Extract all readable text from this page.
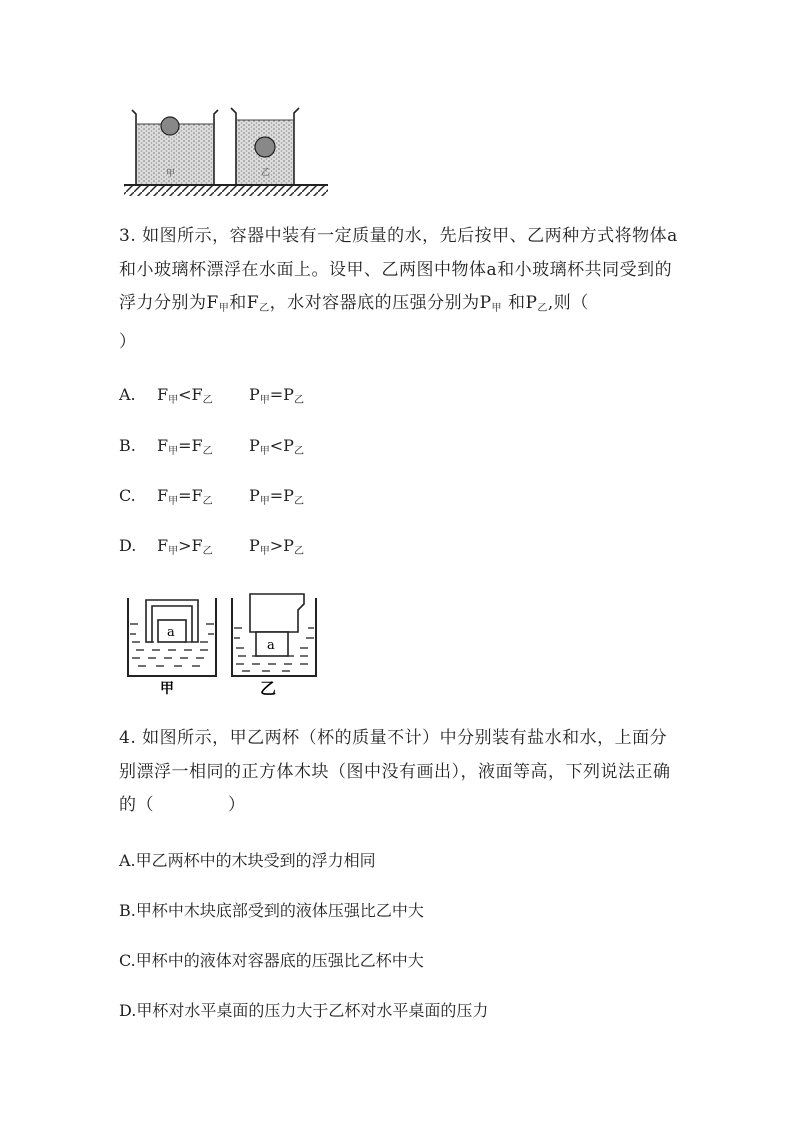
甲	乙
3. 如图所示，容器中装有一定质量的水，先后按甲、乙两种方式将物体a和小玻璃杯漂浮在水面上。设甲、乙两图中物体a和小玻璃杯共同受到的浮力分别为$F_甲$和$F_乙$，水对容器底的压强分别为$P_甲$ 和$P_乙$,则（）
A. $F_甲<F_乙$ $P_甲=P_乙$
B. $F_甲=F_乙$ $P_甲<P_乙$
C. $F_甲=F_乙$ $P_甲=P_乙$
D. $F_甲>F_乙$ $P_甲>P_乙$
a
甲
a
乙
4. 如图所示，甲乙两杯（杯的质量不计）中分别装有盐水和水，上面分别漂浮一相同的正方体木块（图中没有画出），液面等高，下列说法正确的（	）
A.甲乙两杯中的木块受到的浮力相同
B.甲杯中木块底部受到的液体压强比乙中大
C.甲杯中的液体对容器底的压强比乙杯中大
D.甲杯对水平桌面的压力大于乙杯对水平桌面的压力
